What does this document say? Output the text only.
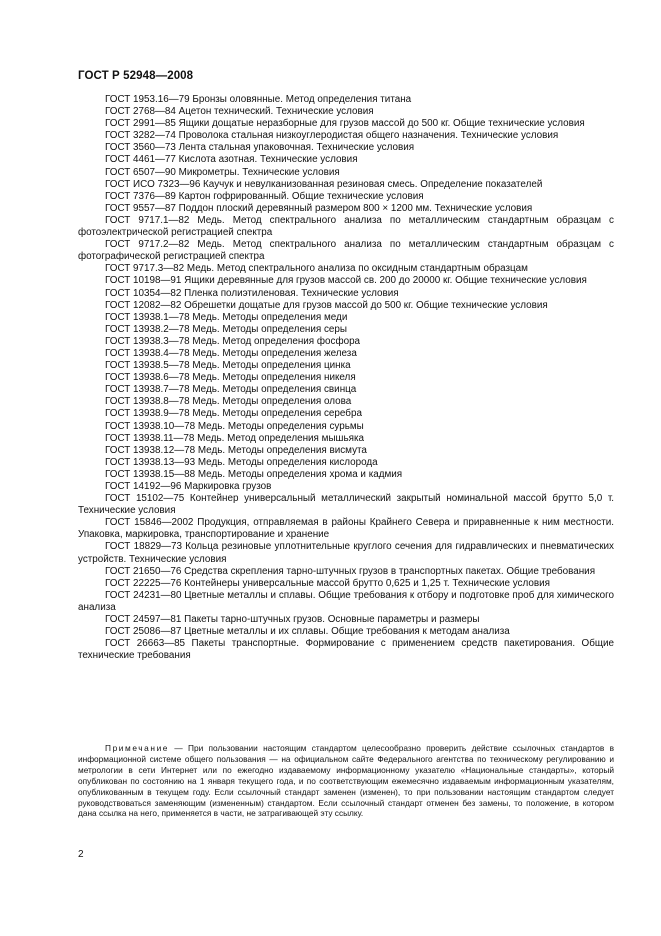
ГОСТ Р 52948—2008

ГОСТ 1953.16—79 Бронзы оловянные. Метод определения титана

ГОСТ 2768—84 Ацетон технический. Технические условия

ГОСТ 2991—85 Ящики дощатые неразборные для грузов массой до 500 кг. Общие технические условия

ГОСТ 3282—74 Проволока стальная низкоуглеродистая общего назначения. Технические условия

ГОСТ 3560—73 Лента стальная упаковочная. Технические условия

ГОСТ 4461—77 Кислота азотная. Технические условия

ГОСТ 6507—90 Микрометры. Технические условия

ГОСТ ИСО 7323—96 Каучук и невулканизованная резиновая смесь. Определение показателей

ГОСТ 7376—89 Картон гофрированный. Общие технические условия

ГОСТ 9557—87 Поддон плоский деревянный размером 800 × 1200 мм. Технические условия

ГОСТ 9717.1—82 Медь. Метод спектрального анализа по металлическим стандартным образцам с фотоэлектрической регистрацией спектра

ГОСТ 9717.2—82 Медь. Метод спектрального анализа по металлическим стандартным образцам с фотографической регистрацией спектра

ГОСТ 9717.3—82 Медь. Метод спектрального анализа по оксидным стандартным образцам

ГОСТ 10198—91 Ящики деревянные для грузов массой св. 200 до 20000 кг. Общие технические условия

ГОСТ 10354—82 Пленка полиэтиленовая. Технические условия

ГОСТ 12082—82 Обрешетки дощатые для грузов массой до 500 кг. Общие технические условия

ГОСТ 13938.1—78 Медь. Методы определения меди

ГОСТ 13938.2—78 Медь. Методы определения серы

ГОСТ 13938.3—78 Медь. Метод определения фосфора

ГОСТ 13938.4—78 Медь. Методы определения железа

ГОСТ 13938.5—78 Медь. Методы определения цинка

ГОСТ 13938.6—78 Медь. Методы определения никеля

ГОСТ 13938.7—78 Медь. Методы определения свинца

ГОСТ 13938.8—78 Медь. Методы определения олова

ГОСТ 13938.9—78 Медь. Методы определения серебра

ГОСТ 13938.10—78 Медь. Методы определения сурьмы

ГОСТ 13938.11—78 Медь. Метод определения мышьяка

ГОСТ 13938.12—78 Медь. Методы определения висмута

ГОСТ 13938.13—93 Медь. Методы определения кислорода

ГОСТ 13938.15—88 Медь. Методы определения хрома и кадмия

ГОСТ 14192—96 Маркировка грузов

ГОСТ 15102—75 Контейнер универсальный металлический закрытый номинальной массой брутто 5,0 т. Технические условия

ГОСТ 15846—2002 Продукция, отправляемая в районы Крайнего Севера и приравненные к ним местности. Упаковка, маркировка, транспортирование и хранение

ГОСТ 18829—73 Кольца резиновые уплотнительные круглого сечения для гидравлических и пневматических устройств. Технические условия

ГОСТ 21650—76 Средства скрепления тарно-штучных грузов в транспортных пакетах. Общие требования

ГОСТ 22225—76 Контейнеры универсальные массой брутто 0,625 и 1,25 т. Технические условия

ГОСТ 24231—80 Цветные металлы и сплавы. Общие требования к отбору и подготовке проб для химического анализа

ГОСТ 24597—81 Пакеты тарно-штучных грузов. Основные параметры и размеры

ГОСТ 25086—87 Цветные металлы и их сплавы. Общие требования к методам анализа

ГОСТ 26663—85 Пакеты транспортные. Формирование с применением средств пакетирования. Общие технические требования

Примечание — При пользовании настоящим стандартом целесообразно проверить действие ссылочных стандартов в информационной системе общего пользования — на официальном сайте Федерального агентства по техническому регулированию и метрологии в сети Интернет или по ежегодно издаваемому информационному указателю «Национальные стандарты», который опубликован по состоянию на 1 января текущего года, и по соответствующим ежемесячно издаваемым информационным указателям, опубликованным в текущем году. Если ссылочный стандарт заменен (изменен), то при пользовании настоящим стандартом следует руководствоваться заменяющим (измененным) стандартом. Если ссылочный стандарт отменен без замены, то положение, в котором дана ссылка на него, применяется в части, не затрагивающей эту ссылку.
2
